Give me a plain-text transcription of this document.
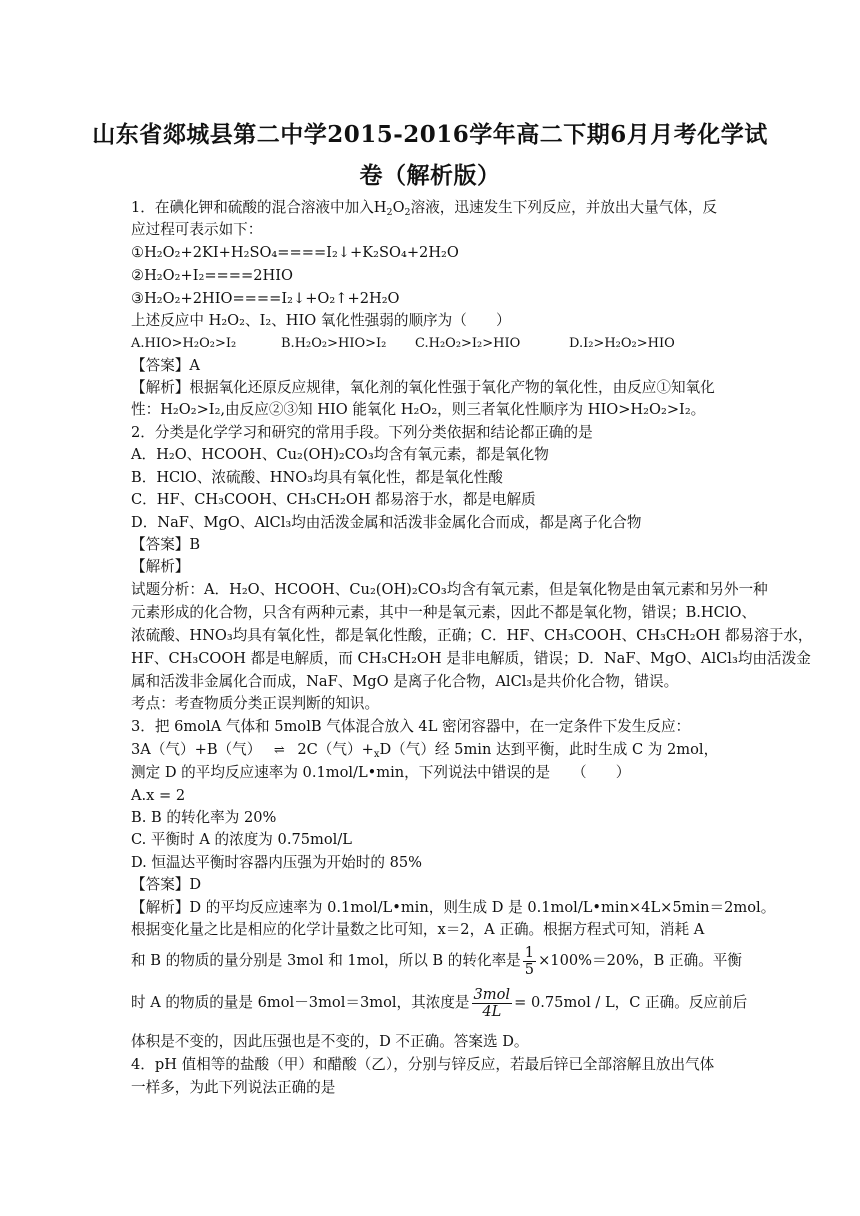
山东省郯城县第二中学2015-2016学年高二下期6月月考化学试
卷（解析版）
1．在碘化钾和硫酸的混合溶液中加入$H_2O_2$溶液，迅速发生下列反应，并放出大量气体，反
应过程可表示如下：
①H₂O₂+2KI+H₂SO₄====I₂↓+K₂SO₄+2H₂O
②H₂O₂+I₂====2HIO
③H₂O₂+2HIO====I₂↓+O₂↑+2H₂O
上述反应中 H₂O₂、I₂、HIO 氧化性强弱的顺序为（　　）
A.HIO>H₂O₂>I₂	B.H₂O₂>HIO>I₂ C.H₂O₂>I₂>HIO	D.I₂>H₂O₂>HIO
【答案】A
【解析】根据氧化还原反应规律，氧化剂的氧化性强于氧化产物的氧化性，由反应①知氧化
性：H₂O₂>I₂,由反应②③知 HIO 能氧化 H₂O₂，则三者氧化性顺序为 HIO>H₂O₂>I₂。
2．分类是化学学习和研究的常用手段。下列分类依据和结论都正确的是
A．H₂O、HCOOH、Cu₂(OH)₂CO₃均含有氧元素，都是氧化物
B．HClO、浓硫酸、HNO₃均具有氧化性，都是氧化性酸
C．HF、CH₃COOH、CH₃CH₂OH 都易溶于水，都是电解质
D．NaF、MgO、AlCl₃均由活泼金属和活泼非金属化合而成，都是离子化合物
【答案】B
【解析】
试题分析：A．H₂O、HCOOH、Cu₂(OH)₂CO₃均含有氧元素，但是氧化物是由氧元素和另外一种
元素形成的化合物，只含有两种元素，其中一种是氧元素，因此不都是氧化物，错误；B.HClO、
浓硫酸、HNO₃均具有氧化性，都是氧化性酸，正确；C．HF、CH₃COOH、CH₃CH₂OH 都易溶于水，
HF、CH₃COOH 都是电解质，而 CH₃CH₂OH 是非电解质，错误；D．NaF、MgO、AlCl₃均由活泼金
属和活泼非金属化合而成，NaF、MgO 是离子化合物，AlCl₃是共价化合物，错误。
考点：考查物质分类正误判断的知识。
3．把 6molA 气体和 5molB 气体混合放入 4L 密闭容器中，在一定条件下发生反应：
3A（气）+B（气） ⇌ 2C（气）$+_xD$（气）经 5min 达到平衡，此时生成 C 为 2mol，
测定 D 的平均反应速率为 0.1mol/L•min，下列说法中错误的是　　（　　）
A.x = 2
B. B 的转化率为 20%
C. 平衡时 A 的浓度为 0.75mol/L
D. 恒温达平衡时容器内压强为开始时的 85%
【答案】D
【解析】D 的平均反应速率为 0.1mol/L•min，则生成 D 是 0.1mol/L•min×4L×5min＝2mol。
根据变化量之比是相应的化学计量数之比可知，x＝2，A 正确。根据方程式可知，消耗 A
和 B 的物质的量分别是 3mol 和 1mol，所以 B 的转化率是 $\frac{1}{5} \times 100\%=20\%$，B 正确。平衡
时 A 的物质的量是 6mol－3mol＝3mol，其浓度是 $\frac{\text{3mol}}{4L} = 0.75mol / L$，C 正确。反应前后
体积是不变的，因此压强也是不变的，D 不正确。答案选 D。
4．pH 值相等的盐酸（甲）和醋酸（乙），分别与锌反应，若最后锌已全部溶解且放出气体
一样多，为此下列说法正确的是
